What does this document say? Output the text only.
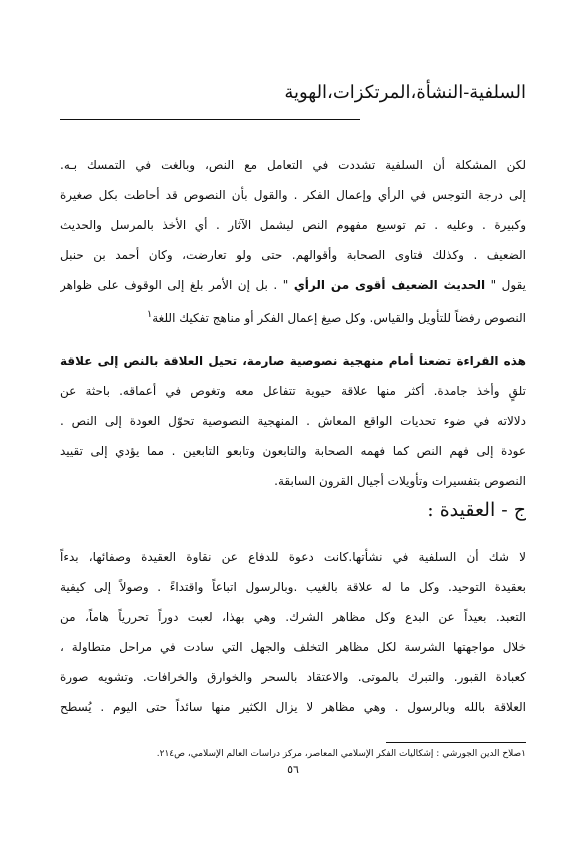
السلفية-النشأة،المرتكزات،الهوية
لكن المشكلة أن السلفية تشددت في التعامل مع النص، وبالغت في التمسك بـه.
إلى درجة التوجس في الرأي وإعمال الفكر . والقول بأن النصوص قد أحاطت بكل صغيرة
وكبيرة . وعليه . تم توسيع مفهوم النص ليشمل الآثار . أي الأخذ بالمرسل والحديث
الضعيف . وكذلك فتاوى الصحابة وأقوالهم. حتى ولو تعارضت، وكان أحمد بن حنبل
يقول " الحديث الضعيف أقوى من الرأي " . بل إن الأمر بلغ إلى الوقوف على ظواهر
النصوص رفضاً للتأويل والقياس. وكل صيغ إعمال الفكر أو مناهج تفكيك اللغة$^١$
هذه القراءة تضعنا أمام منهجية نصوصية صارمة، تحيل العلاقة بالنص إلى علاقة
تلقٍ وأخذ جامدة. أكثر منها علاقة حيوية تتفاعل معه وتغوص في أعماقه. باحثة عن
دلالاته في ضوء تحديات الواقع المعاش . المنهجية النصوصية تحوّل العودة إلى النص .
عودة إلى فهم النص كما فهمه الصحابة والتابعون وتابعو التابعين . مما يؤدي إلى تقييد
النصوص بتفسيرات وتأويلات أجيال القرون السابقة.
ج - العقيدة :
لا شك أن السلفية في نشأتها.كانت دعوة للدفاع عن نقاوة العقيدة وصفائها، بدءاً
بعقيدة التوحيد. وكل ما له علاقة بالغيب .وبالرسول اتباعاً واقتداءً . وصولاً إلى كيفية
التعبد. بعيداً عن البدع وكل مظاهر الشرك. وهي بهذا، لعبت دوراً تحررياً هاماً، من
خلال مواجهتها الشرسة لكل مظاهر التخلف والجهل التي سادت في مراحل متطاولة ،
كعبادة القبور. والتبرك بالموتى. والاعتقاد بالسحر والخوارق والخرافات. وتشويه صورة
العلاقة بالله وبالرسول . وهي مظاهر لا يزال الكثير منها سائداً حتى اليوم . يُسطح
١صلاح الدين الجورشي : إشكاليات الفكر الإسلامي المعاصر، مركز دراسات العالم الإسلامي، ص٢١٤.
٥٦
